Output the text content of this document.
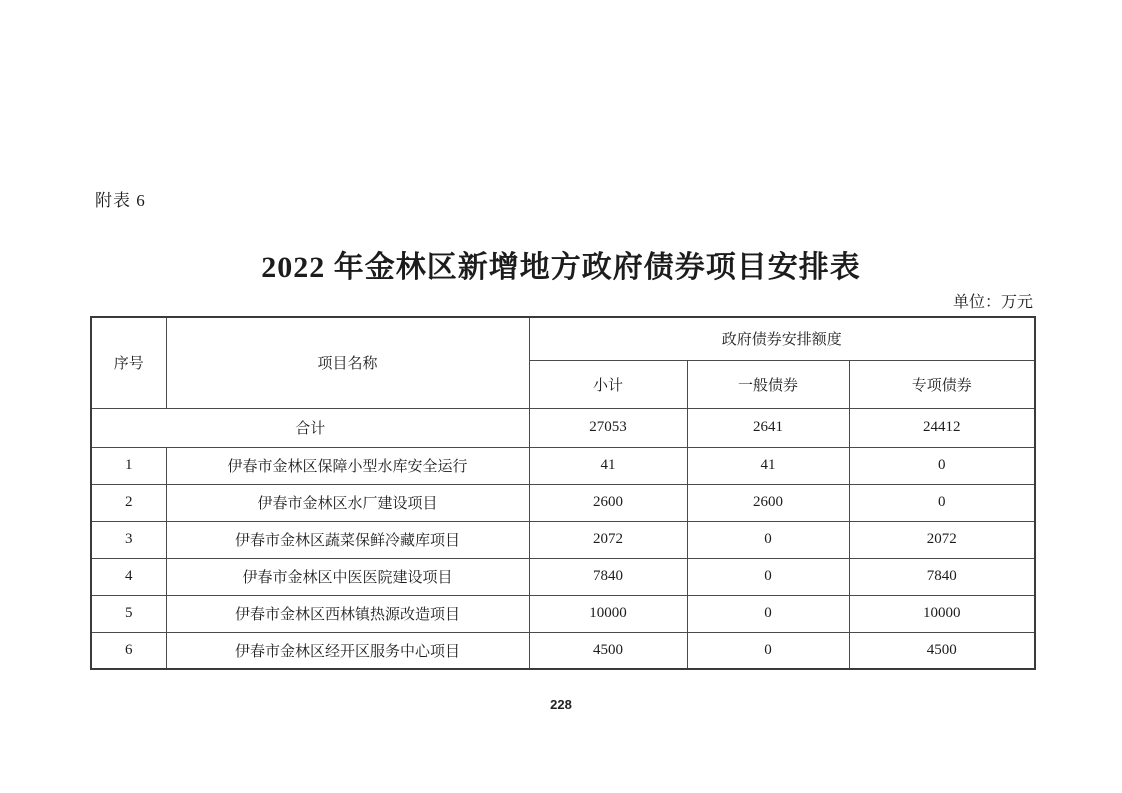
附表 6
2022 年金林区新增地方政府债券项目安排表
单位：万元
序号	项目名称	政府债券安排额度		
		小计	一般债券	专项债券
合计		27053	2641	24412
1	伊春市金林区保障小型水库安全运行	41	41	0
2	伊春市金林区水厂建设项目	2600	2600	0
3	伊春市金林区蔬菜保鲜冷藏库项目	2072	0	2072
4	伊春市金林区中医医院建设项目	7840	0	7840
5	伊春市金林区西林镇热源改造项目	10000	0	10000
6	伊春市金林区经开区服务中心项目	4500	0	4500
228
